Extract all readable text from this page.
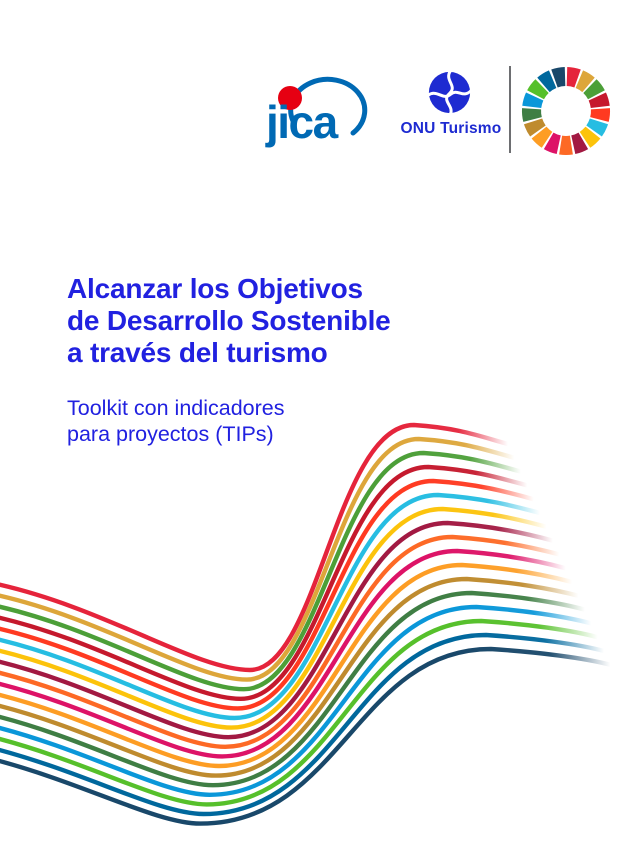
jica	ONU Turismo
Alcanzar los Objetivos
de Desarrollo Sostenible
a través del turismo
Toolkit con indicadores
para proyectos (TIPs)
